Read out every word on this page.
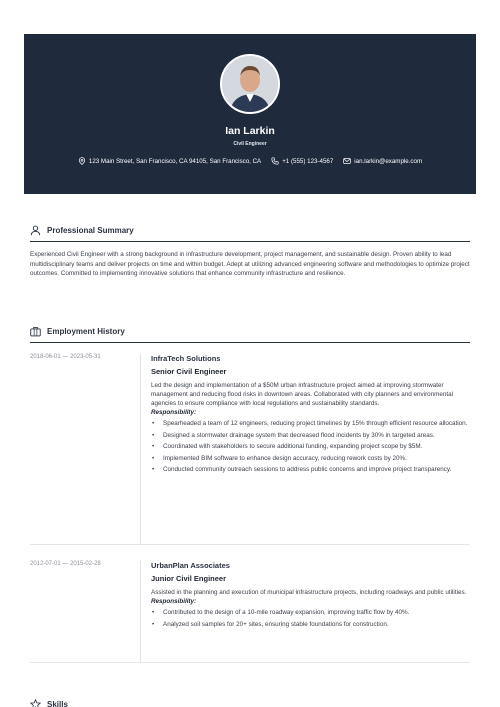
Ian Larkin
Civil Engineer
123 Main Street, San Francisco, CA 94105, San Francisco, CA	+1 (555) 123-4567	ian.larkin@example.com
Professional Summary
Experienced Civil Engineer with a strong background in infrastructure development, project management, and sustainable design. Proven ability to lead multidisciplinary teams and deliver projects on time and within budget. Adept at utilizing advanced engineering software and methodologies to optimize project outcomes. Committed to implementing innovative solutions that enhance community infrastructure and resilience.
Employment History
2018-06-01 — 2023-05-31	InfraTech Solutions
Senior Civil Engineer
Led the design and implementation of a $50M urban infrastructure project aimed at improving stormwater management and reducing flood risks in downtown areas. Collaborated with city planners and environmental agencies to ensure compliance with local regulations and sustainability standards.
Responsibility:
• Spearheaded a team of 12 engineers, reducing project timelines by 15% through efficient resource allocation.
• Designed a stormwater drainage system that decreased flood incidents by 30% in targeted areas.
• Coordinated with stakeholders to secure additional funding, expanding project scope by $5M.
• Implemented BIM software to enhance design accuracy, reducing rework costs by 20%.
• Conducted community outreach sessions to address public concerns and improve project transparency.
2012-07-01 — 2015-02-28	UrbanPlan Associates
Junior Civil Engineer
Assisted in the planning and execution of municipal infrastructure projects, including roadways and public utilities.
Responsibility:
• Contributed to the design of a 10-mile roadway expansion, improving traffic flow by 40%.
• Analyzed soil samples for 20+ sites, ensuring stable foundations for construction.
Skills
